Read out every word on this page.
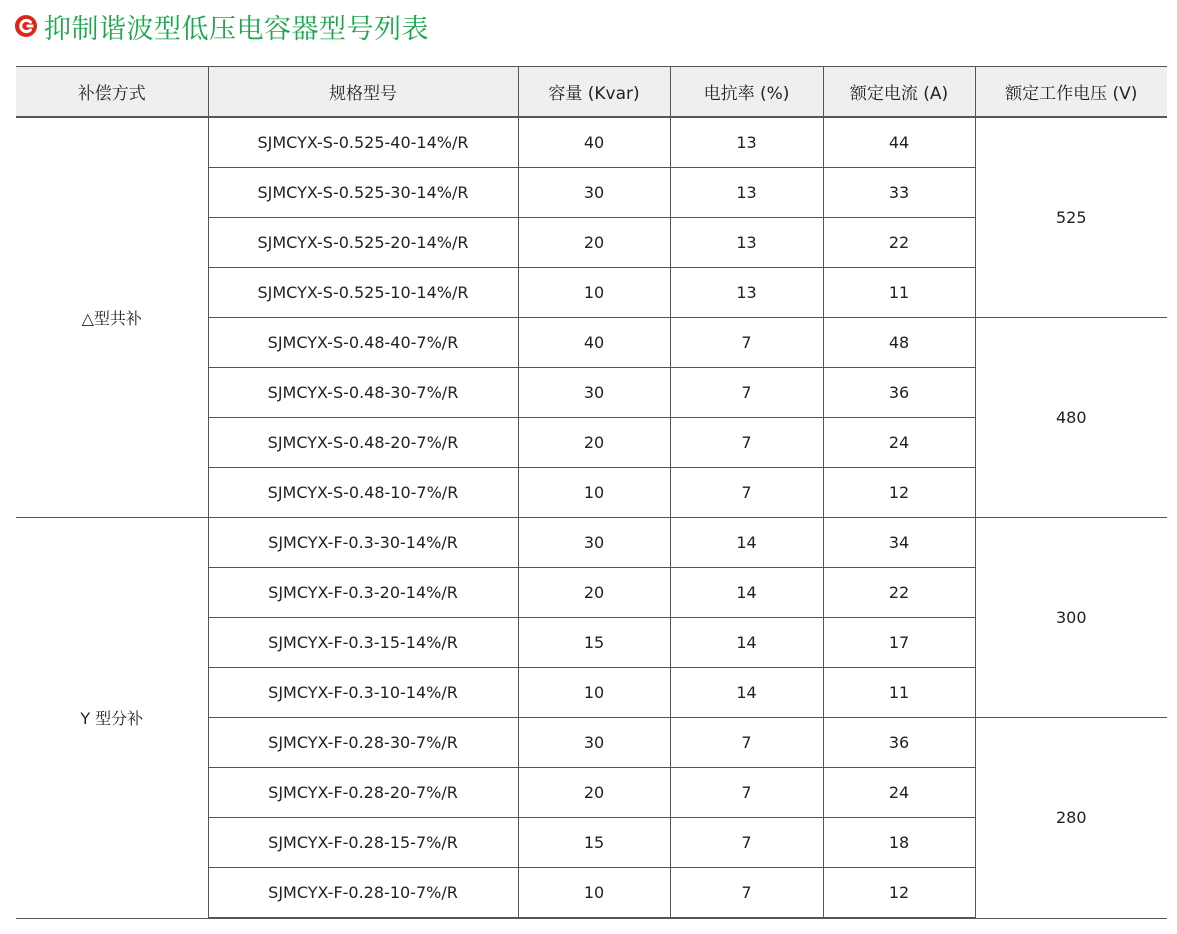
抑制谐波型低压电容器型号列表
补偿方式	规格型号	容量 (Kvar)	电抗率 (%)	额定电流 (A)	额定工作电压 (V)
△型共补	SJMCYX-S-0.525-40-14%/R	40	13	44	525
	SJMCYX-S-0.525-30-14%/R	30	13	33	
	SJMCYX-S-0.525-20-14%/R	20	13	22	
	SJMCYX-S-0.525-10-14%/R	10	13	11	
	SJMCYX-S-0.48-40-7%/R	40	7	48	480
	SJMCYX-S-0.48-30-7%/R	30	7	36	
	SJMCYX-S-0.48-20-7%/R	20	7	24	
	SJMCYX-S-0.48-10-7%/R	10	7	12	
Y 型分补	SJMCYX-F-0.3-30-14%/R	30	14	34	300
	SJMCYX-F-0.3-20-14%/R	20	14	22	
	SJMCYX-F-0.3-15-14%/R	15	14	17	
	SJMCYX-F-0.3-10-14%/R	10	14	11	
	SJMCYX-F-0.28-30-7%/R	30	7	36	280
	SJMCYX-F-0.28-20-7%/R	20	7	24	
	SJMCYX-F-0.28-15-7%/R	15	7	18	
	SJMCYX-F-0.28-10-7%/R	10	7	12	
